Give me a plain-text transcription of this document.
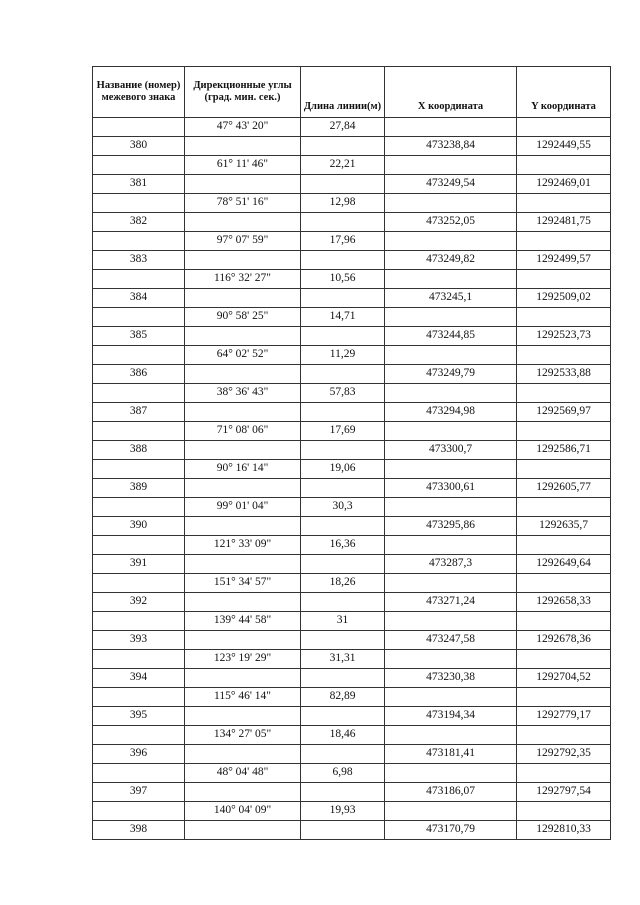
Название (номер) межевого знака	Дирекционные углы (град. мин. сек.)	Длина линии(м)	X координата	Y координата
	47° 43' 20"	27,84		
380			473238,84	1292449,55
	61° 11' 46"	22,21		
381			473249,54	1292469,01
	78° 51' 16"	12,98		
382			473252,05	1292481,75
	97° 07' 59"	17,96		
383			473249,82	1292499,57
	116° 32' 27"	10,56		
384			473245,1	1292509,02
	90° 58' 25"	14,71		
385			473244,85	1292523,73
	64° 02' 52"	11,29		
386			473249,79	1292533,88
	38° 36' 43"	57,83		
387			473294,98	1292569,97
	71° 08' 06"	17,69		
388			473300,7	1292586,71
	90° 16' 14"	19,06		
389			473300,61	1292605,77
	99° 01' 04"	30,3		
390			473295,86	1292635,7
	121° 33' 09"	16,36		
391			473287,3	1292649,64
	151° 34' 57"	18,26		
392			473271,24	1292658,33
	139° 44' 58"	31		
393			473247,58	1292678,36
	123° 19' 29"	31,31		
394			473230,38	1292704,52
	115° 46' 14"	82,89		
395			473194,34	1292779,17
	134° 27' 05"	18,46		
396			473181,41	1292792,35
	48° 04' 48"	6,98		
397			473186,07	1292797,54
	140° 04' 09"	19,93		
398			473170,79	1292810,33
